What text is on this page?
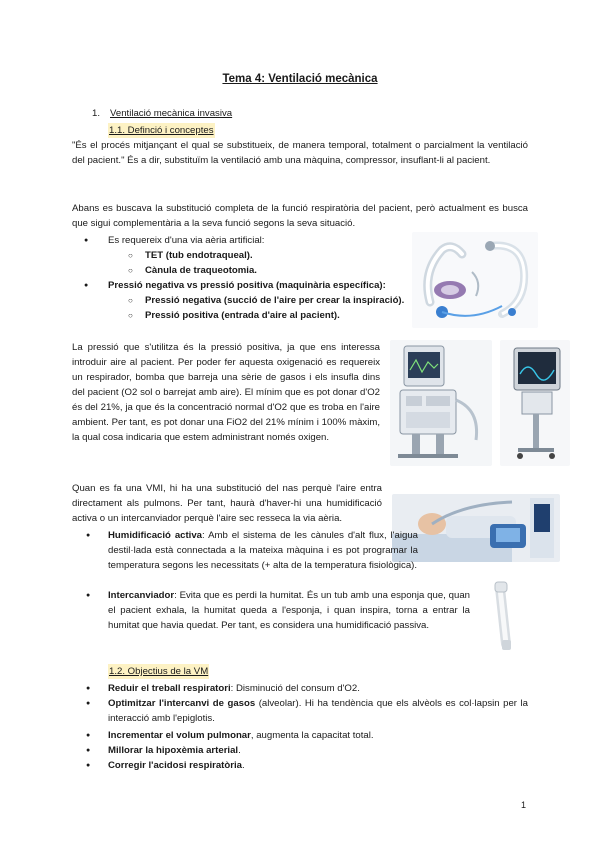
Tema 4: Ventilació mecànica
1. Ventilació mecànica invasiva
1.1. Definció i conceptes
"És el procés mitjançant el qual se substitueix, de manera temporal, totalment o parcialment la ventilació del pacient." És a dir, substituïm la ventilació amb una màquina, compressor, insuflant-li al pacient.
Abans es buscava la substitució completa de la funció respiratòria del pacient, però actualment es busca que sigui complementària a la seva funció segons la seva situació.
Es requereix d'una via aèria artificial:
TET (tub endotraqueal).
Cànula de traqueotomia.
Pressió negativa vs pressió positiva (maquinària específica):
Pressió negativa (succió de l'aire per crear la inspiració).
Pressió positiva (entrada d'aire al pacient).
La pressió que s'utilitza és la pressió positiva, ja que ens interessa introduir aire al pacient. Per poder fer aquesta oxigenació es requereix un respirador, bomba que barreja una sèrie de gasos i els insufla dins del pacient (O2 sol o barrejat amb aire). El mínim que es pot donar d'O2 és del 21%, ja que és la concentració normal d'O2 que es troba en l'aire ambient. Per tant, es pot donar una FiO2 del 21% mínim i 100% màxim, la qual cosa indicaria que estem administrant només oxigen.
Quan es fa una VMI, hi ha una substitució del nas perquè l'aire entra directament als pulmons. Per tant, haurà d'haver-hi una humidificació activa o un intercanviador perquè l'aire sec resseca la via aèria.
● Humidificació activa: Amb el sistema de les cànules d'alt flux, l'aigua destil·lada està connectada a la mateixa màquina i es pot programar la temperatura segons les necessitats (+ alta de la temperatura fisiològica).
● Intercanviador: Evita que es perdi la humitat. És un tub amb una esponja que, quan el pacient exhala, la humitat queda a l'esponja, i quan inspira, torna a entrar la humitat que havia quedat. Per tant, es considera una humidificació passiva.
1.2. Objectius de la VM
● Reduir el treball respiratori: Disminució del consum d'O2.
● Optimitzar l'intercanvi de gasos (alveolar). Hi ha tendència que els alvèols es col·lapsin per la interacció amb l'epiglotis.
● Incrementar el volum pulmonar, augmenta la capacitat total.
● Millorar la hipoxèmia arterial.
● Corregir l'acidosi respiratòria.
1
